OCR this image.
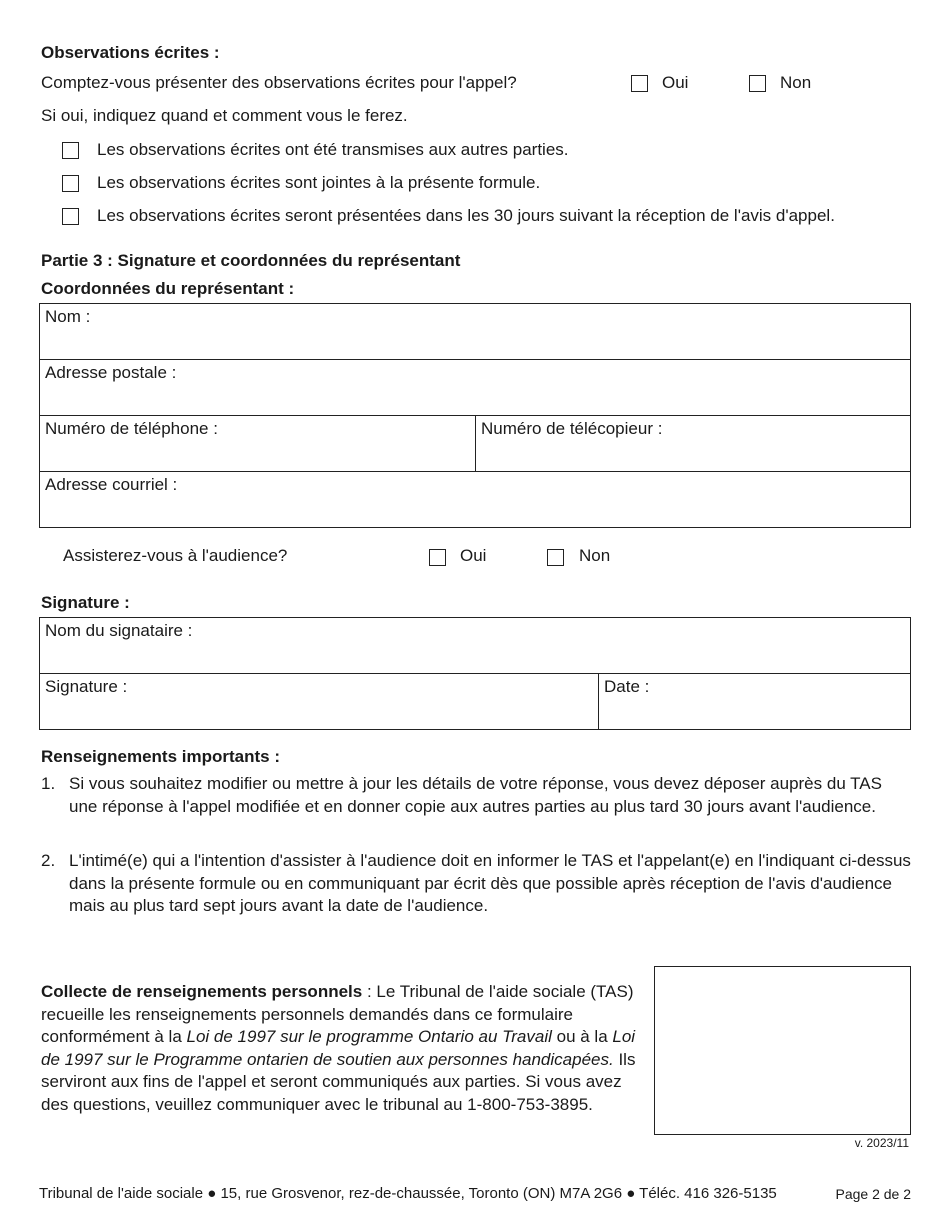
Observations écrites :
Comptez-vous présenter des observations écrites pour l'appel?	Oui	Non
Si oui, indiquez quand et comment vous le ferez.
Les observations écrites ont été transmises aux autres parties.
Les observations écrites sont jointes à la présente formule.
Les observations écrites seront présentées dans les 30 jours suivant la réception de l'avis d'appel.
Partie 3 : Signature et coordonnées du représentant
Coordonnées du représentant :
Nom :
Adresse postale :
Numéro de téléphone :	Numéro de télécopieur :
Adresse courriel :
Assisterez-vous à l'audience?	Oui	Non
Signature :
Nom du signataire :
Signature :	Date :
Renseignements importants :
1. Si vous souhaitez modifier ou mettre à jour les détails de votre réponse, vous devez déposer auprès du TAS une réponse à l'appel modifiée et en donner copie aux autres parties au plus tard 30 jours avant l'audience.
2. L'intimé(e) qui a l'intention d'assister à l'audience doit en informer le TAS et l'appelant(e) en l'indiquant ci-dessus dans la présente formule ou en communiquant par écrit dès que possible après réception de l'avis d'audience mais au plus tard sept jours avant la date de l'audience.
Collecte de renseignements personnels : Le Tribunal de l'aide sociale (TAS) recueille les renseignements personnels demandés dans ce formulaire conformément à la Loi de 1997 sur le programme Ontario au Travail ou à la Loi de 1997 sur le Programme ontarien de soutien aux personnes handicapées. Ils serviront aux fins de l'appel et seront communiqués aux parties. Si vous avez des questions, veuillez communiquer avec le tribunal au 1-800-753-3895.
v. 2023/11
Tribunal de l'aide sociale ● 15, rue Grosvenor, rez-de-chaussée, Toronto (ON) M7A 2G6 ● Téléc. 416 326-5135	Page 2 de 2
